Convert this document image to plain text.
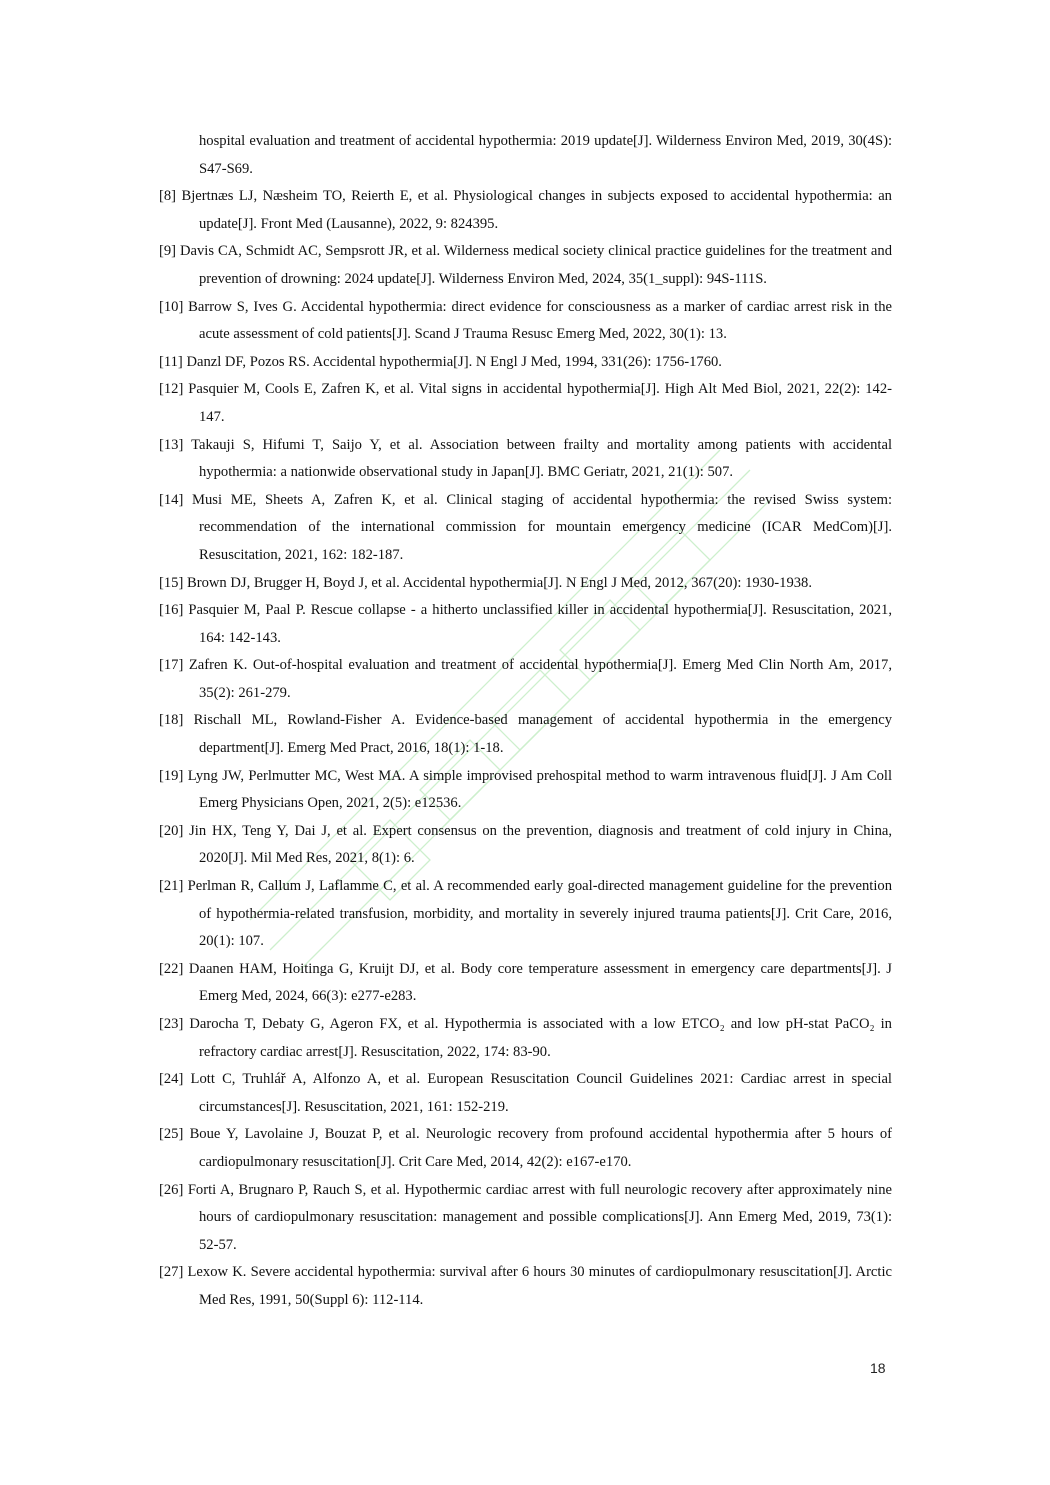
hospital evaluation and treatment of accidental hypothermia: 2019 update[J]. Wilderness Environ Med, 2019, 30(4S): S47-S69.

[8] Bjertnæs LJ, Næsheim TO, Reierth E, et al. Physiological changes in subjects exposed to accidental hypothermia: an update[J]. Front Med (Lausanne), 2022, 9: 824395.

[9] Davis CA, Schmidt AC, Sempsrott JR, et al. Wilderness medical society clinical practice guidelines for the treatment and prevention of drowning: 2024 update[J]. Wilderness Environ Med, 2024, 35(1_suppl): 94S-111S.

[10] Barrow S, Ives G. Accidental hypothermia: direct evidence for consciousness as a marker of cardiac arrest risk in the acute assessment of cold patients[J]. Scand J Trauma Resusc Emerg Med, 2022, 30(1): 13.

[11] Danzl DF, Pozos RS. Accidental hypothermia[J]. N Engl J Med, 1994, 331(26): 1756-1760.

[12] Pasquier M, Cools E, Zafren K, et al. Vital signs in accidental hypothermia[J]. High Alt Med Biol, 2021, 22(2): 142-147.

[13] Takauji S, Hifumi T, Saijo Y, et al. Association between frailty and mortality among patients with accidental hypothermia: a nationwide observational study in Japan[J]. BMC Geriatr, 2021, 21(1): 507.

[14] Musi ME, Sheets A, Zafren K, et al. Clinical staging of accidental hypothermia: the revised Swiss system: recommendation of the international commission for mountain emergency medicine (ICAR MedCom)[J]. Resuscitation, 2021, 162: 182-187.

[15] Brown DJ, Brugger H, Boyd J, et al. Accidental hypothermia[J]. N Engl J Med, 2012, 367(20): 1930-1938.

[16] Pasquier M, Paal P. Rescue collapse - a hitherto unclassified killer in accidental hypothermia[J]. Resuscitation, 2021, 164: 142-143.

[17] Zafren K. Out-of-hospital evaluation and treatment of accidental hypothermia[J]. Emerg Med Clin North Am, 2017, 35(2): 261-279.

[18] Rischall ML, Rowland-Fisher A. Evidence-based management of accidental hypothermia in the emergency department[J]. Emerg Med Pract, 2016, 18(1): 1-18.

[19] Lyng JW, Perlmutter MC, West MA. A simple improvised prehospital method to warm intravenous fluid[J]. J Am Coll Emerg Physicians Open, 2021, 2(5): e12536.

[20] Jin HX, Teng Y, Dai J, et al. Expert consensus on the prevention, diagnosis and treatment of cold injury in China, 2020[J]. Mil Med Res, 2021, 8(1): 6.

[21] Perlman R, Callum J, Laflamme C, et al. A recommended early goal-directed management guideline for the prevention of hypothermia-related transfusion, morbidity, and mortality in severely injured trauma patients[J]. Crit Care, 2016, 20(1): 107.

[22] Daanen HAM, Hoitinga G, Kruijt DJ, et al. Body core temperature assessment in emergency care departments[J]. J Emerg Med, 2024, 66(3): e277-e283.

[23] Darocha T, Debaty G, Ageron FX, et al. Hypothermia is associated with a low ETCO₂ and low pH-stat PaCO₂ in refractory cardiac arrest[J]. Resuscitation, 2022, 174: 83-90.

[24] Lott C, Truhlář A, Alfonzo A, et al. European Resuscitation Council Guidelines 2021: Cardiac arrest in special circumstances[J]. Resuscitation, 2021, 161: 152-219.

[25] Boue Y, Lavolaine J, Bouzat P, et al. Neurologic recovery from profound accidental hypothermia after 5 hours of cardiopulmonary resuscitation[J]. Crit Care Med, 2014, 42(2): e167-e170.

[26] Forti A, Brugnaro P, Rauch S, et al. Hypothermic cardiac arrest with full neurologic recovery after approximately nine hours of cardiopulmonary resuscitation: management and possible complications[J]. Ann Emerg Med, 2019, 73(1): 52-57.

[27] Lexow K. Severe accidental hypothermia: survival after 6 hours 30 minutes of cardiopulmonary resuscitation[J]. Arctic Med Res, 1991, 50(Suppl 6): 112-114.

18
